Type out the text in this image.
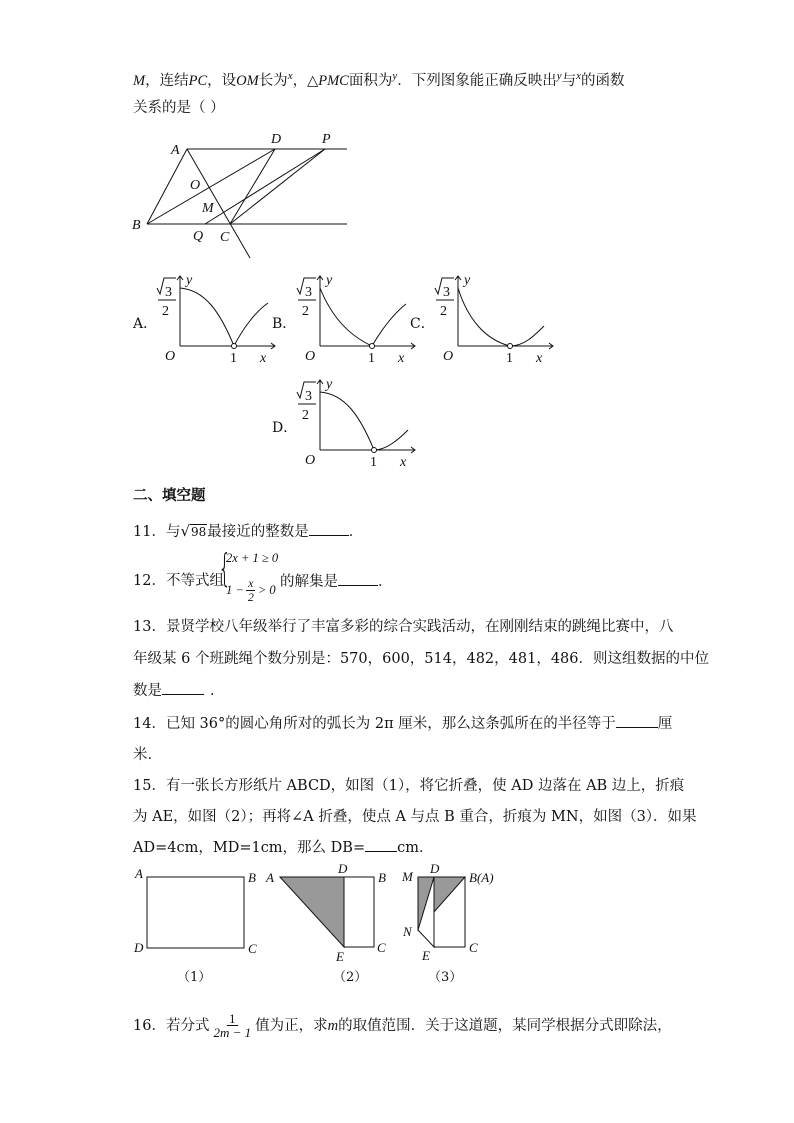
M，连结PC，设OM长为$^x$，△PMC面积为$^y$．下列图象能正确反映出$^y$与$^x$的函数
关系的是（ ）
A
D	P
O
M
B
Q C
A．
3
2
y
O	1 x
B．
3
2
y
O	1 x
C．
3
2
y
O	1 x
D．
3
2
y
O	1 x
二、填空题
11．与√98最接近的整数是	．
12．不等式组
{
2x + 1 ≥ 0
$1 - \frac{x}{2} > 0$ 的解集是	．
13．景贤学校八年级举行了丰富多彩的综合实践活动，在刚刚结束的跳绳比赛中，八
年级某 6 个班跳绳个数分别是：570，600，514，482，481，486．则这组数据的中位
数是	．
14．已知 36°的圆心角所对的弧长为 2π 厘米，那么这条弧所在的半径等于	厘
米．
15．有一张长方形纸片 ABCD，如图（1），将它折叠，使 AD 边落在 AB 边上，折痕
为 AE，如图（2）；再将∠A 折叠，使点 A 与点 B 重合，折痕为 MN，如图（3）．如果
AD=4cm，MD=1cm，那么 DB= cm．
A	B
D	C
（1）
A
D
B
E
C
（2）
M
D
B(A)
N
E
C
（3）
16．若分式 $\frac{1}{2m - 1}$ 值为正，求 m 的取值范围．关于这道题，某同学根据分式即除法，
